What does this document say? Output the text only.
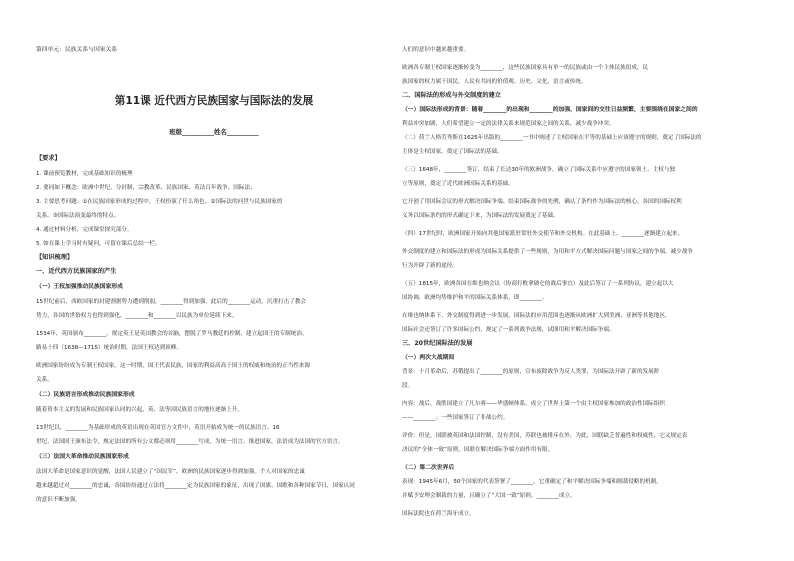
第四单元：民族关系与国家关系
第11课 近代西方民族国家与国际法的发展
班级__________姓名__________
【要求】
1. 课前预览教材，完成基础知识的梳理
2. 要同如下概念：欧洲中世纪、分封制、宗教改革、民族国家、英法百年战争、国际法；
3. 主要思考问题：①在民族国家形成的过程中，王权扮演了什么角色。②国际法的问世与民族国家的
关系。③国际法演变最终的特点。
4. 通过材料分析，完成课堂探究部分。
5. 如在课上学习时有疑问，可留在课后总结一栏。
【知识梳理】
一、近代西方民族国家的产生
（一）王权加强推动民族国家形成
15世纪前后，西欧国家的封建割据势力遭到削弱，________得到加强。此后的________运动，沉重打击了教会
势力，各国的世俗权力也得到强化，________和________以民族为单位延续下来。
1534年，英国颁布________，规定英王是英国教会的首脑，摆脱了罗马教廷的控制，建立起国王的专制统治。
路易十四（1638—1715）统治时期，法国王权达到顶峰。
欧洲国家纷纷成为专制王权国家。这一时期，国王代表民族，国家的利益高高于国王的权威和统治的正当性来源
关系。
（二）民族语言形成推动民族国家形成
随着资本主义的发展和民族国家认同的兴起，英、法等国民族语言的地位逐渐上升。
13世纪以，________为基础形成的英语出现在英国官方文件中，英语开始成为统一的民族语言。16
世纪，法国国王颁布法令，规定法国的所有公文都必须用________写成，为统一语言、推进国家，法语成为法国的官方语言。
（三）法国大革命推动民族国家形成
法国大革命是国家意识的觉醒，法国人民建立了“国民军”，欧洲的民族国家逐步得到加强。个人对国家的忠诚
越来越超过对________的忠诚，各国纷纷通过立法将________定为民族国家的象征，出现了国旗、国歌和各种国家节日，国家认同
的意识不断加强。
人们的意识中越来越重要。
欧洲各专制王权国家逐渐转变为________，这些民族国家具有单一的民族或由一个主体民族组成，民
族国家的权力属于国民，人民有共同的价值观、历史、文化、语言或传统。
二、国际法的形成与外交制度的建立
（一）国际法形成的背景：随着________的出现和________的加强，国家间的交往日益频繁，主要围绕在国家之间的
利益冲突加剧，人们希望建立一定的法律关系来规范国家之间的关系，减少战争冲突。
（二）荷兰人格劳秀斯在1625年出版的________一书中阐述了主权国家在平等的基础上应该遵守的规则，奠定了国际法的
主体是主权国家，奠定了国际法的基础。
（三）1648年，________签订，结束了长达30年的欧洲战争，确立了国际关系中应遵守的国家领土、主权与独
立等原则，奠定了近代欧洲国际关系的基础。
它开创了用国际会议的形式解决国际争端、结束国际战争的先例，确认了条约作为国际法的核心，各国的国际权利
义务以国际条约的形式确定下来，为国际法的发展奠定了基础。
（四）17世纪时，欧洲国家开始向其他国家派驻常驻外交使节和外交机构。在此基础上，________逐渐建立起来。
外交制度的建立和国际法的形成为国际关系提供了一些规则，为用和平方式解决国际问题与国家之间的争端，减少战争
行为开辟了新的途径。
（五）1815年，欧洲各国在维也纳会议（协商打败拿破仑的战后事宜）及此后签订了一系列协议，建立起以大
国协调、欧洲均势维护和平的国际关系体系，即________。
在维也纳体系下，外交制度得到进一步发展，国际法的应用范围也逐渐从欧洲扩大到美洲、亚洲等其他地区，
国际社会还签订了许多国际公约，规定了一系列战争法规，试图用和平解决国际争端。
三、20世纪国际法的发展
（一）两次大战期间
背景：十月革命后，苏俄提出了________的原则，宣布废除战争为反人类罪，为国际法开辟了新的发展阶
段。
内容：战后，战胜国建立了凡尔赛——华盛顿体系，成立了世界上第一个由主权国家参加的政治性国际组织
——________；一些国家签订了非战公约。
评价：但是，国联被英国和法国控制，没有美国，苏联也被排斥在外，为此，国联缺乏普遍性和权威性，它又规定表
决议的“全体一致”原则，国联在解决国际争端方面作用有限。
（二）第二次世界后
表现：1945年6月，50个国家的代表签署了________，它重确定了和平解决国际争端和制裁侵略的机制，
并赋予安理会制裁的力量，且确立了“大国一致”原则。________成立。
国际法院也在荷兰海牙成立。
